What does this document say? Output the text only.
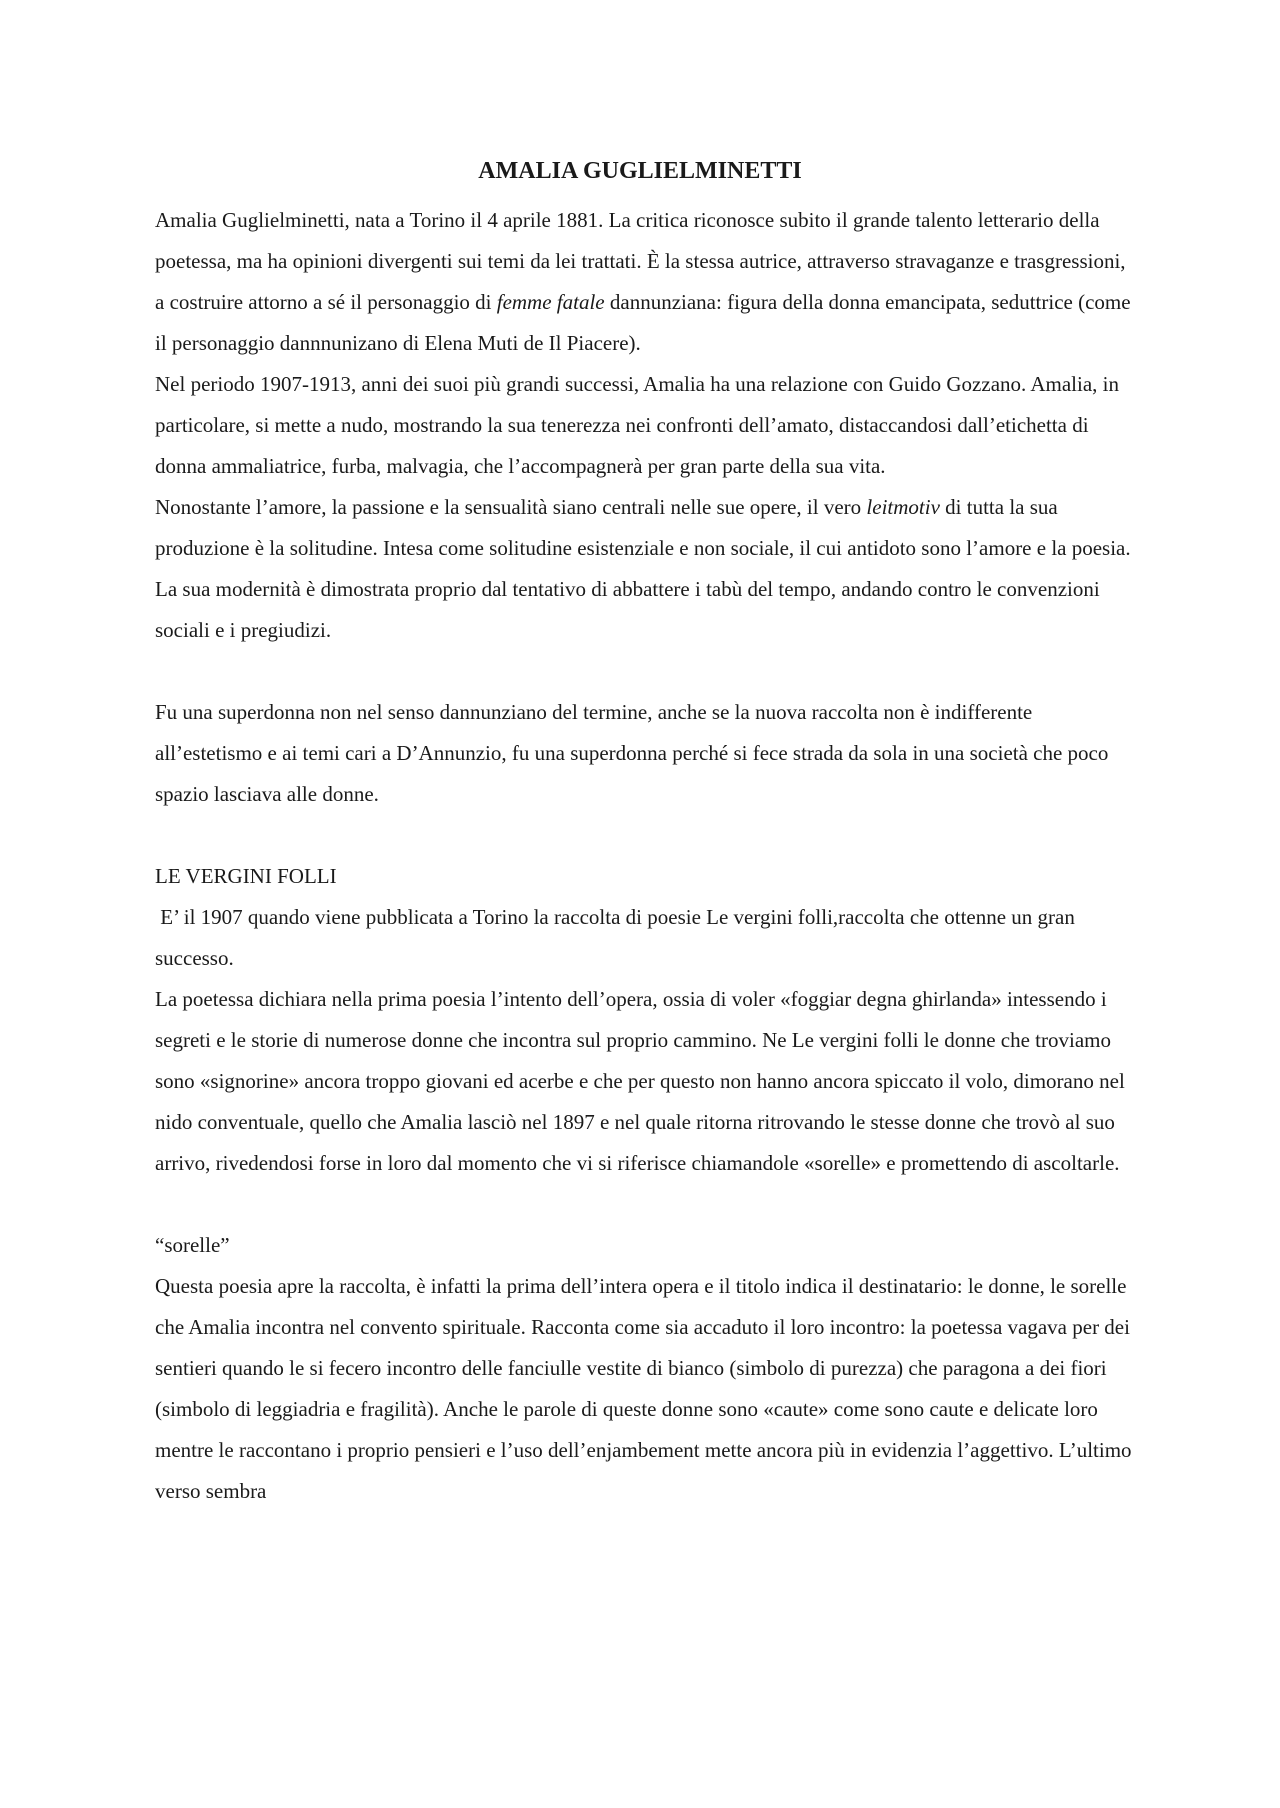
AMALIA GUGLIELMINETTI

Amalia Guglielminetti, nata a Torino il 4 aprile 1881. La critica riconosce subito il grande talento letterario della poetessa, ma ha opinioni divergenti sui temi da lei trattati. È la stessa autrice, attraverso stravaganze e trasgressioni, a costruire attorno a sé il personaggio di femme fatale dannunziana: figura della donna emancipata, seduttrice (come il personaggio dannnunizano di Elena Muti de Il Piacere).

Nel periodo 1907-1913, anni dei suoi più grandi successi, Amalia ha una relazione con Guido Gozzano. Amalia, in particolare, si mette a nudo, mostrando la sua tenerezza nei confronti dell’amato, distaccandosi dall’etichetta di donna ammaliatrice, furba, malvagia, che l’accompagnerà per gran parte della sua vita.

Nonostante l’amore, la passione e la sensualità siano centrali nelle sue opere, il vero leitmotiv di tutta la sua produzione è la solitudine. Intesa come solitudine esistenziale e non sociale, il cui antidoto sono l’amore e la poesia. La sua modernità è dimostrata proprio dal tentativo di abbattere i tabù del tempo, andando contro le convenzioni sociali e i pregiudizi.

Fu una superdonna non nel senso dannunziano del termine, anche se la nuova raccolta non è indifferente all’estetismo e ai temi cari a D’Annunzio, fu una superdonna perché si fece strada da sola in una società che poco spazio lasciava alle donne.

LE VERGINI FOLLI

E’ il 1907 quando viene pubblicata a Torino la raccolta di poesie Le vergini folli,raccolta che ottenne un gran successo.

La poetessa dichiara nella prima poesia l’intento dell’opera, ossia di voler «foggiar degna ghirlanda» intessendo i segreti e le storie di numerose donne che incontra sul proprio cammino. Ne Le vergini folli le donne che troviamo sono «signorine» ancora troppo giovani ed acerbe e che per questo non hanno ancora spiccato il volo, dimorano nel nido conventuale, quello che Amalia lasciò nel 1897 e nel quale ritorna ritrovando le stesse donne che trovò al suo arrivo, rivedendosi forse in loro dal momento che vi si riferisce chiamandole «sorelle» e promettendo di ascoltarle.

“sorelle”

Questa poesia apre la raccolta, è infatti la prima dell’intera opera e il titolo indica il destinatario: le donne, le sorelle che Amalia incontra nel convento spirituale. Racconta come sia accaduto il loro incontro: la poetessa vagava per dei sentieri quando le si fecero incontro delle fanciulle vestite di bianco (simbolo di purezza) che paragona a dei fiori (simbolo di leggiadria e fragilità). Anche le parole di queste donne sono «caute» come sono caute e delicate loro mentre le raccontano i proprio pensieri e l’uso dell’enjambement mette ancora più in evidenzia l’aggettivo. L’ultimo verso sembra
